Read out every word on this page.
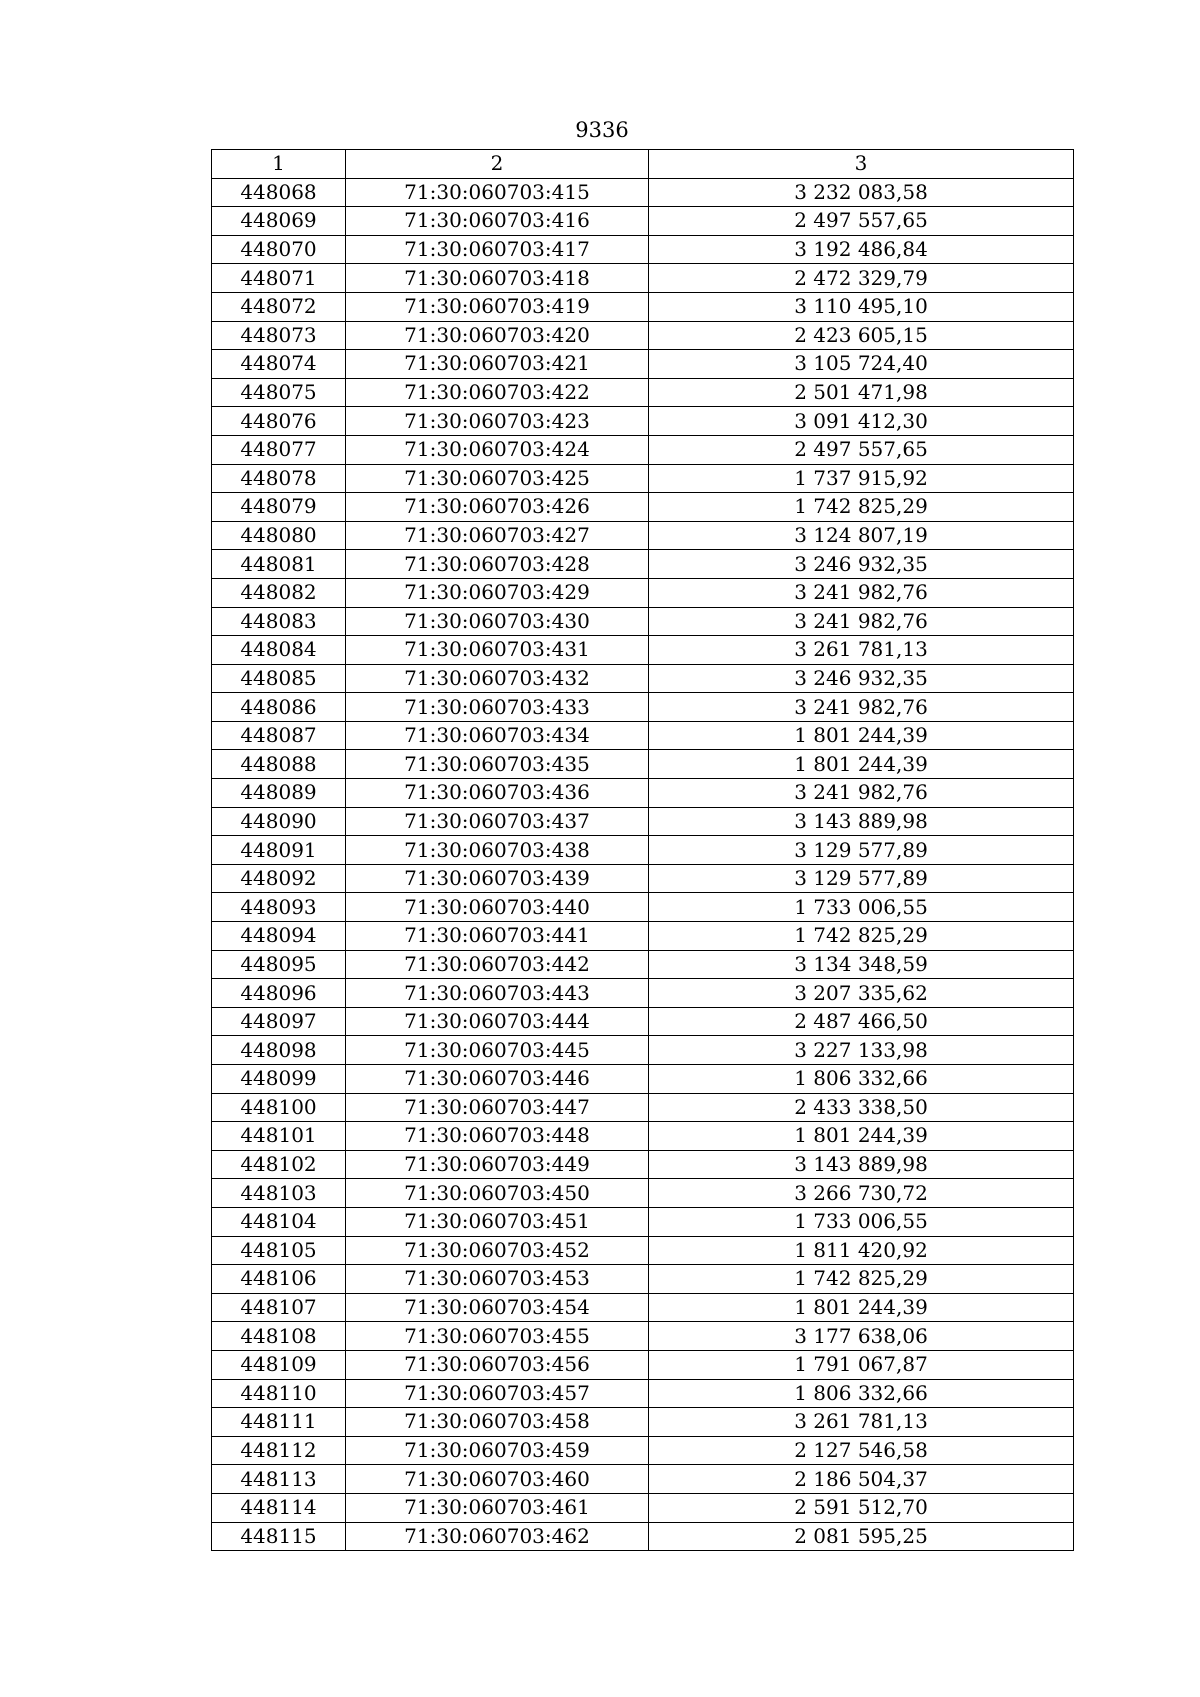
9336
1	2	3
448068	71:30:060703:415	3 232 083,58
448069	71:30:060703:416	2 497 557,65
448070	71:30:060703:417	3 192 486,84
448071	71:30:060703:418	2 472 329,79
448072	71:30:060703:419	3 110 495,10
448073	71:30:060703:420	2 423 605,15
448074	71:30:060703:421	3 105 724,40
448075	71:30:060703:422	2 501 471,98
448076	71:30:060703:423	3 091 412,30
448077	71:30:060703:424	2 497 557,65
448078	71:30:060703:425	1 737 915,92
448079	71:30:060703:426	1 742 825,29
448080	71:30:060703:427	3 124 807,19
448081	71:30:060703:428	3 246 932,35
448082	71:30:060703:429	3 241 982,76
448083	71:30:060703:430	3 241 982,76
448084	71:30:060703:431	3 261 781,13
448085	71:30:060703:432	3 246 932,35
448086	71:30:060703:433	3 241 982,76
448087	71:30:060703:434	1 801 244,39
448088	71:30:060703:435	1 801 244,39
448089	71:30:060703:436	3 241 982,76
448090	71:30:060703:437	3 143 889,98
448091	71:30:060703:438	3 129 577,89
448092	71:30:060703:439	3 129 577,89
448093	71:30:060703:440	1 733 006,55
448094	71:30:060703:441	1 742 825,29
448095	71:30:060703:442	3 134 348,59
448096	71:30:060703:443	3 207 335,62
448097	71:30:060703:444	2 487 466,50
448098	71:30:060703:445	3 227 133,98
448099	71:30:060703:446	1 806 332,66
448100	71:30:060703:447	2 433 338,50
448101	71:30:060703:448	1 801 244,39
448102	71:30:060703:449	3 143 889,98
448103	71:30:060703:450	3 266 730,72
448104	71:30:060703:451	1 733 006,55
448105	71:30:060703:452	1 811 420,92
448106	71:30:060703:453	1 742 825,29
448107	71:30:060703:454	1 801 244,39
448108	71:30:060703:455	3 177 638,06
448109	71:30:060703:456	1 791 067,87
448110	71:30:060703:457	1 806 332,66
448111	71:30:060703:458	3 261 781,13
448112	71:30:060703:459	2 127 546,58
448113	71:30:060703:460	2 186 504,37
448114	71:30:060703:461	2 591 512,70
448115	71:30:060703:462	2 081 595,25
